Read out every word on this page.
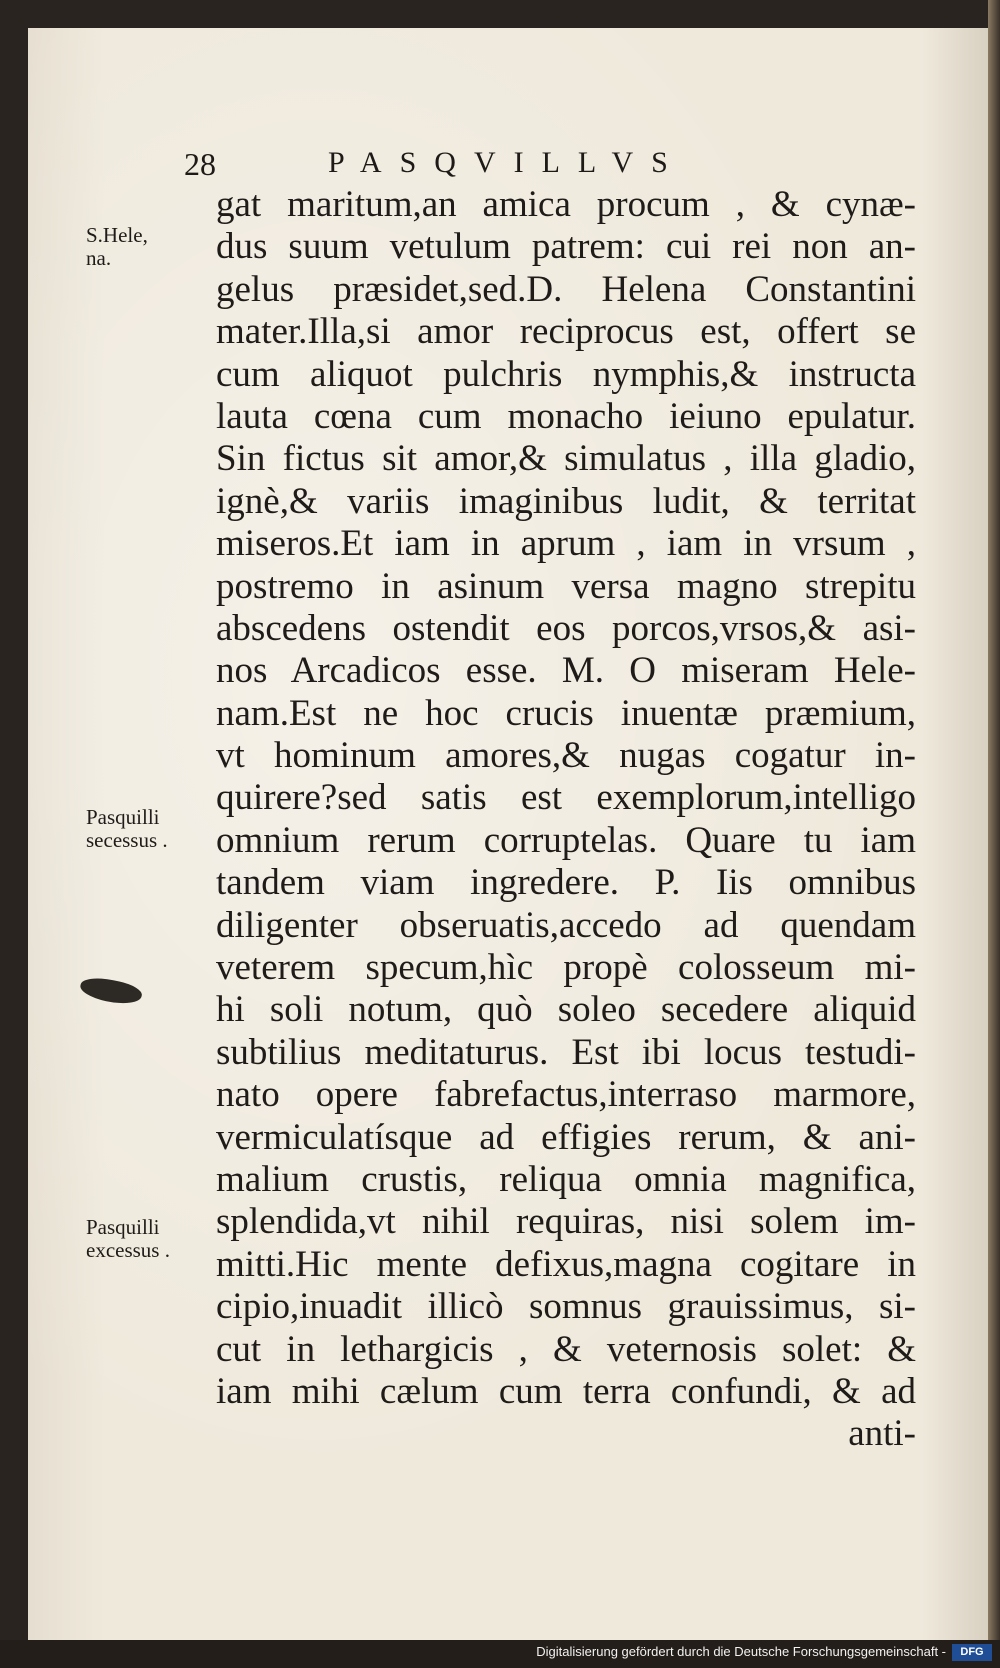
28	PASQVILLVS
S.Hele,
na.
Pasquilli
secessus .
Pasquilli
excessus .
gat maritum,an amica procum , & cynæ-
dus suum vetulum patrem: cui rei non an-
gelus præsidet,sed.D. Helena Constantini
mater.Illa,si amor reciprocus est, offert se
cum aliquot pulchris nymphis,& instructa
lauta cœna cum monacho ieiuno epulatur.
Sin fictus sit amor,& simulatus , illa gladio,
ignè,& variis imaginibus ludit, & territat
miseros.Et iam in aprum , iam in vrsum ,
postremo in asinum versa magno strepitu
abscedens ostendit eos porcos,vrsos,& asi-
nos Arcadicos esse. M. O miseram Hele-
nam.Est ne hoc crucis inuentæ præmium,
vt hominum amores,& nugas cogatur in-
quirere?sed satis est exemplorum,intelligo
omnium rerum corruptelas. Quare tu iam
tandem viam ingredere. P. Iis omnibus
diligenter obseruatis,accedo ad quendam
veterem specum,hìc propè colosseum mi-
hi soli notum, quò soleo secedere aliquid
subtilius meditaturus. Est ibi locus testudi-
nato opere fabrefactus,interraso marmore,
vermiculatísque ad effigies rerum, & ani-
malium crustis, reliqua omnia magnifica,
splendida,vt nihil requiras, nisi solem im-
mitti.Hic mente defixus,magna cogitare in
cipio,inuadit illicò somnus grauissimus, si-
cut in lethargicis , & veternosis solet: &
iam mihi cælum cum terra confundi, & ad
anti-
Digitalisierung gefördert durch die Deutsche Forschungsgemeinschaft -	DFG
